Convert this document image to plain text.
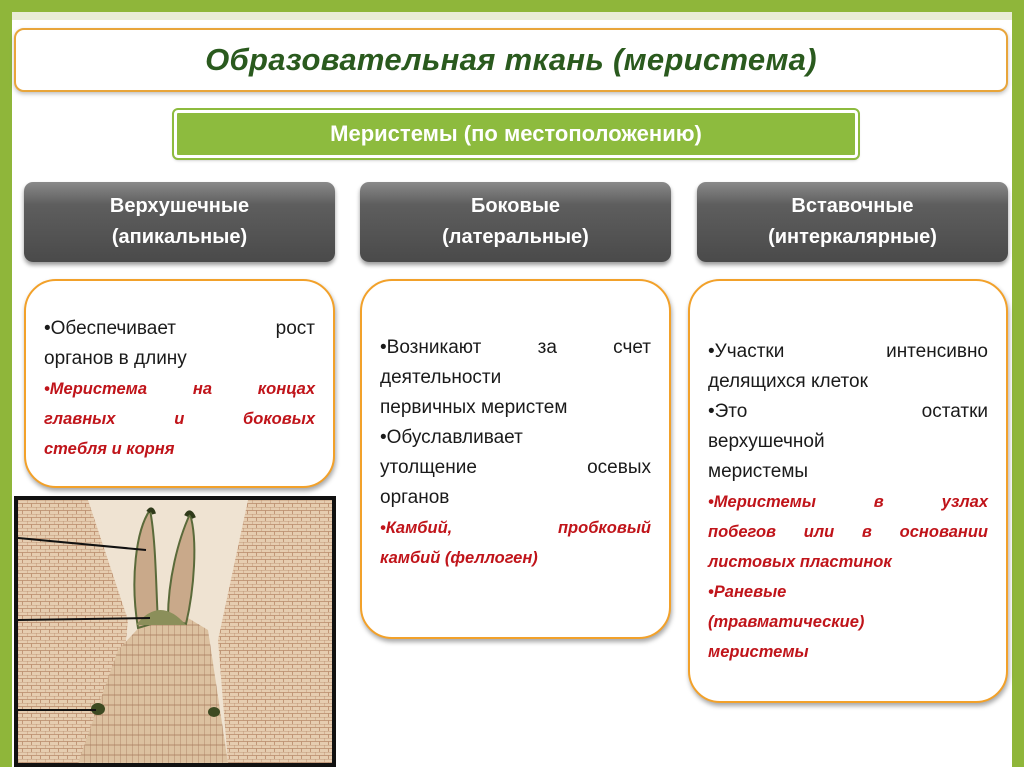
Образовательная ткань (меристема)
Меристемы (по местоположению)
Верхушечные
(апикальные)
Боковые
(латеральные)
Вставочные
(интеркалярные)

•Обеспечивает рост

органов в длину

•Меристема на концах

главных и боковых

стебля и корня

•Возникают за счет

деятельности

первичных меристем

•Обуславливает

утолщение осевых

органов

•Камбий, пробковый

камбий (феллоген)

•Участки интенсивно

делящихся клеток

•Это остатки

верхушечной

меристемы

•Меристемы в узлах

побегов или в основании

листовых пластинок

•Раневые

(травматические)

меристемы
